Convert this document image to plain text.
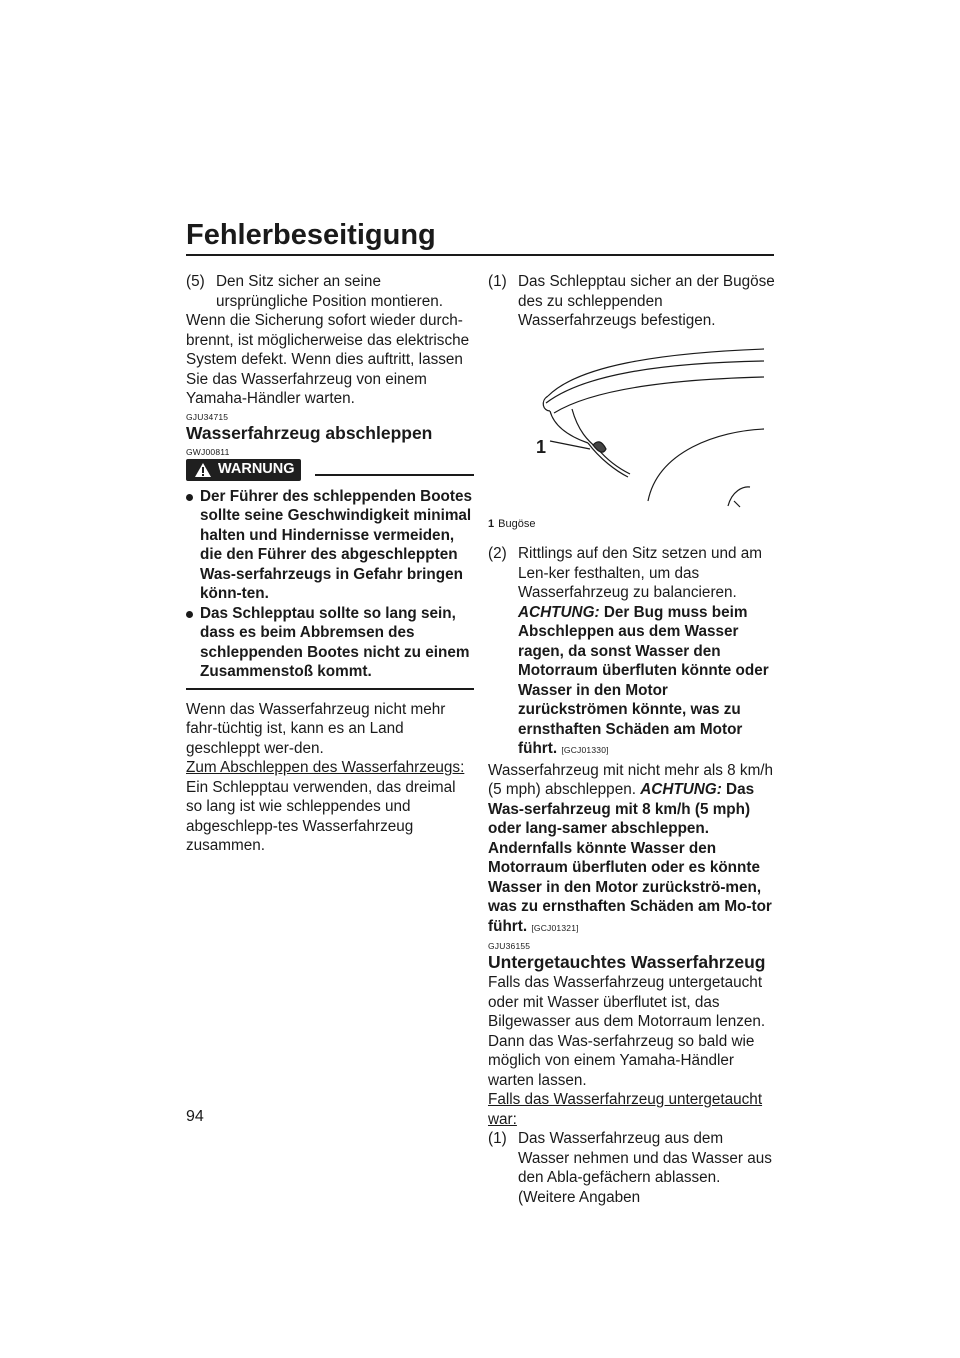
Fehlerbeseitigung
(5) Den Sitz sicher an seine ursprüngliche Position montieren.

Wenn die Sicherung sofort wieder durch-brennt, ist möglicherweise das elektrische System defekt. Wenn dies auftritt, lassen Sie das Wasserfahrzeug von einem Yamaha-Händler warten.

GJU34715
Wasserfahrzeug abschleppen
GWJ00811
WARNUNG

Der Führer des schleppenden Bootes sollte seine Geschwindigkeit minimal halten und Hindernisse vermeiden, die den Führer des abgeschleppten Was-serfahrzeugs in Gefahr bringen könn-ten.

Das Schlepptau sollte so lang sein, dass es beim Abbremsen des schleppenden Bootes nicht zu einem Zusammenstoß kommt.

Wenn das Wasserfahrzeug nicht mehr fahr-tüchtig ist, kann es an Land geschleppt wer-den.

Zum Abschleppen des Wasserfahrzeugs:

Ein Schlepptau verwenden, das dreimal so lang ist wie schleppendes und abgeschlepp-tes Wasserfahrzeug zusammen.

(1) Das Schlepptau sicher an der Bugöse des zu schleppenden Wasserfahrzeugs befestigen.

1
1 Bugöse
(2) Rittlings auf den Sitz setzen und am Len-ker festhalten, um das Wasserfahrzeug zu balancieren. ACHTUNG: Der Bug muss beim Abschleppen aus dem Wasser ragen, da sonst Wasser den Motorraum überfluten könnte oder Wasser in den Motor zurückströmen könnte, was zu ernsthaften Schäden am Motor führt. [GCJ01330]

Wasserfahrzeug mit nicht mehr als 8 km/h (5 mph) abschleppen. ACHTUNG: Das Was-serfahrzeug mit 8 km/h (5 mph) oder lang-samer abschleppen. Andernfalls könnte Wasser den Motorraum überfluten oder es könnte Wasser in den Motor zurückströ-men, was zu ernsthaften Schäden am Mo-tor führt. [GCJ01321]

GJU36155
Untergetauchtes Wasserfahrzeug

Falls das Wasserfahrzeug untergetaucht oder mit Wasser überflutet ist, das Bilgewasser aus dem Motorraum lenzen. Dann das Was-serfahrzeug so bald wie möglich von einem Yamaha-Händler warten lassen.

Falls das Wasserfahrzeug untergetaucht war:

(1) Das Wasserfahrzeug aus dem Wasser nehmen und das Wasser aus den Abla-gefächern ablassen. (Weitere Angaben

94
